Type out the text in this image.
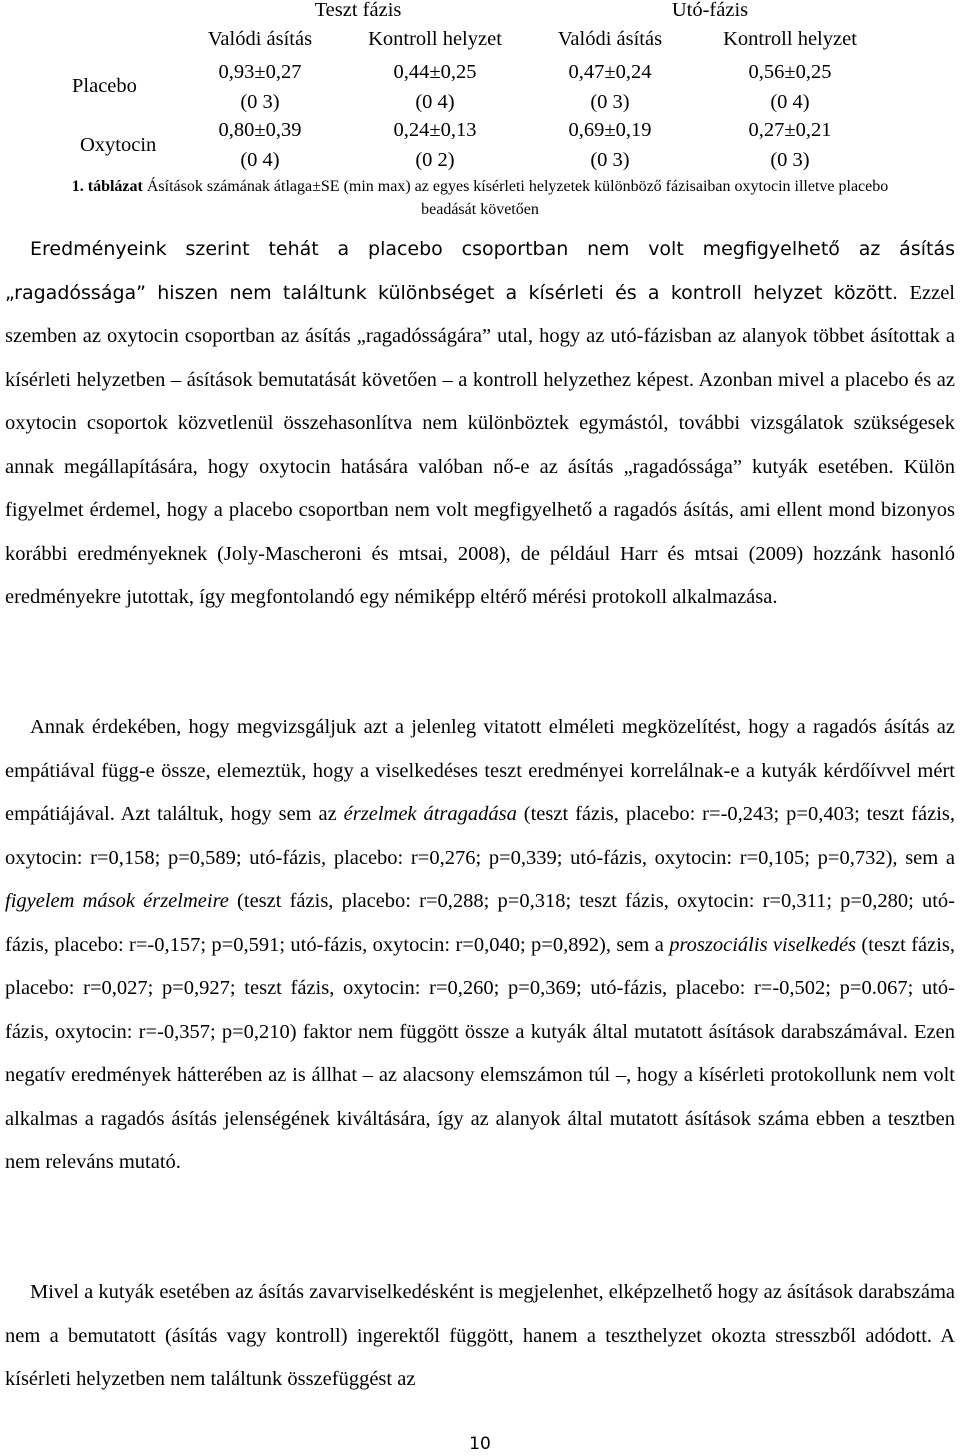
Teszt fázis	Utó-fázis
Valódi ásítás	Kontroll helyzet	Valódi ásítás	Kontroll helyzet
Placebo
0,93±0,27	0,44±0,25	0,47±0,24	0,56±0,25
(0 3)	(0 4)	(0 3)	(0 4)
Oxytocin
0,80±0,39	0,24±0,13	0,69±0,19	0,27±0,21
(0 4)	(0 2)	(0 3)	(0 3)
1. táblázat Ásítások számának átlaga±SE (min max) az egyes kísérleti helyzetek különböző fázisaiban oxytocin illetve placebo beadását követően

Eredményeink szerint tehát a placebo csoportban nem volt megfigyelhető az ásítás „ragadóssága” hiszen nem találtunk különbséget a kísérleti és a kontroll helyzet között. Ezzel szemben az oxytocin csoportban az ásítás „ragadósságára” utal, hogy az utó-fázisban az alanyok többet ásítottak a kísérleti helyzetben – ásítások bemutatását követően – a kontroll helyzethez képest. Azonban mivel a placebo és az oxytocin csoportok közvetlenül összehasonlítva nem különböztek egymástól, további vizsgálatok szükségesek annak megállapítására, hogy oxytocin hatására valóban nő-e az ásítás „ragadóssága” kutyák esetében. Külön figyelmet érdemel, hogy a placebo csoportban nem volt megfigyelhető a ragadós ásítás, ami ellent mond bizonyos korábbi eredményeknek (Joly-Mascheroni és mtsai, 2008), de például Harr és mtsai (2009) hozzánk hasonló eredményekre jutottak, így megfontolandó egy némiképp eltérő mérési protokoll alkalmazása.

Annak érdekében, hogy megvizsgáljuk azt a jelenleg vitatott elméleti megközelítést, hogy a ragadós ásítás az empátiával függ-e össze, elemeztük, hogy a viselkedéses teszt eredményei korrelálnak-e a kutyák kérdőívvel mért empátiájával. Azt találtuk, hogy sem az érzelmek átragadása (teszt fázis, placebo: r=-0,243; p=0,403; teszt fázis, oxytocin: r=0,158; p=0,589; utó-fázis, placebo: r=0,276; p=0,339; utó-fázis, oxytocin: r=0,105; p=0,732), sem a figyelem mások érzelmeire (teszt fázis, placebo: r=0,288; p=0,318; teszt fázis, oxytocin: r=0,311; p=0,280; utó-fázis, placebo: r=-0,157; p=0,591; utó-fázis, oxytocin: r=0,040; p=0,892), sem a proszociális viselkedés (teszt fázis, placebo: r=0,027; p=0,927; teszt fázis, oxytocin: r=0,260; p=0,369; utó-fázis, placebo: r=-0,502; p=0.067; utó-fázis, oxytocin: r=-0,357; p=0,210) faktor nem függött össze a kutyák által mutatott ásítások darabszámával. Ezen negatív eredmények hátterében az is állhat – az alacsony elemszámon túl –, hogy a kísérleti protokollunk nem volt alkalmas a ragadós ásítás jelenségének kiváltására, így az alanyok által mutatott ásítások száma ebben a tesztben nem releváns mutató.

Mivel a kutyák esetében az ásítás zavarviselkedésként is megjelenhet, elképzelhető hogy az ásítások darabszáma nem a bemutatott (ásítás vagy kontroll) ingerektől függött, hanem a teszthelyzet okozta stresszből adódott. A kísérleti helyzetben nem találtunk összefüggést az

10
